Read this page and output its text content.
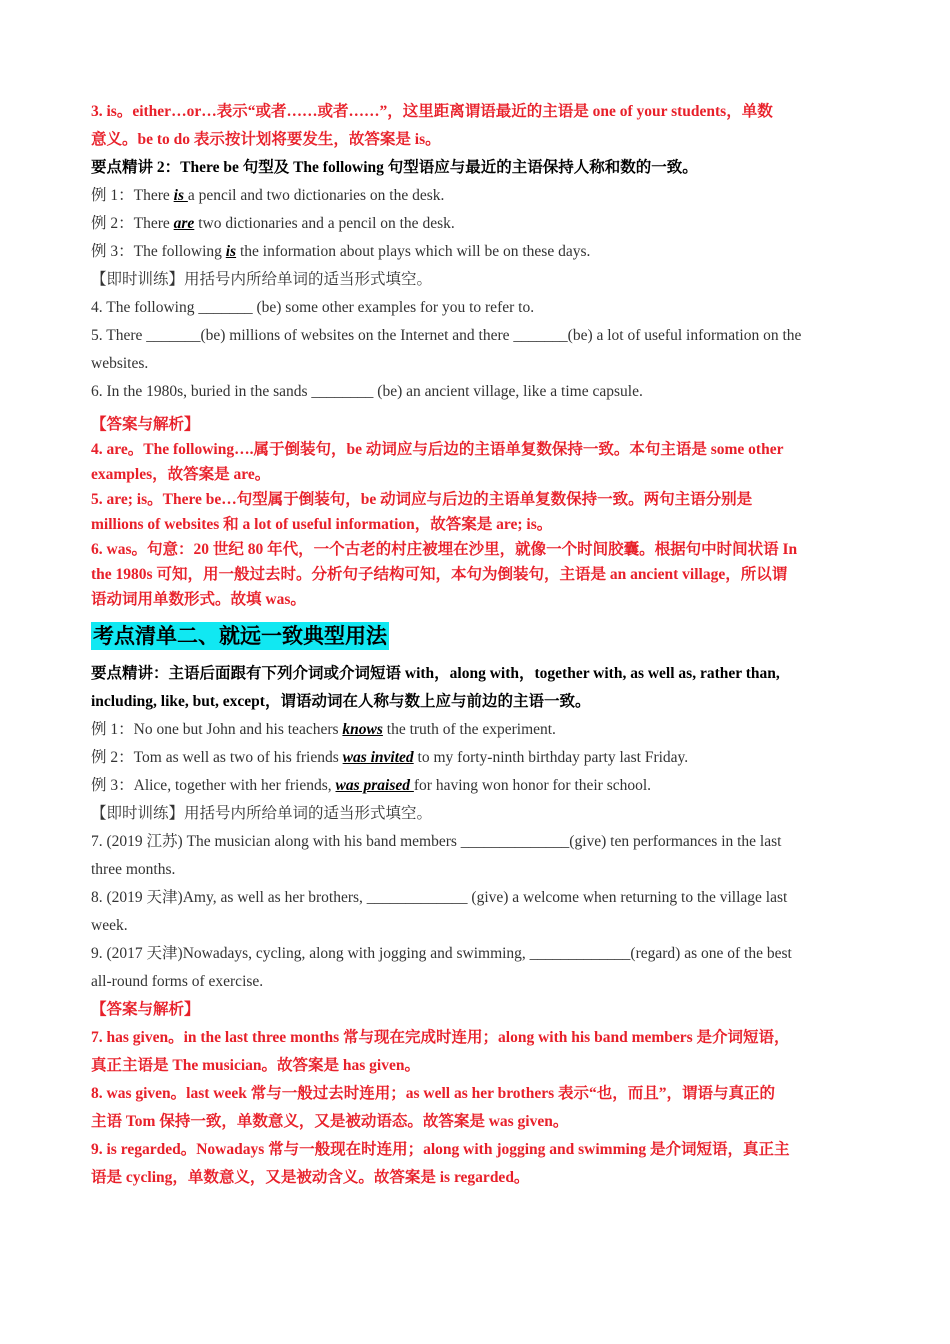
3. is。either…or…表示“或者……或者……”，这里距离谓语最近的主语是 one of your students，单数
意义。be to do 表示按计划将要发生，故答案是 is。
要点精讲 2：There be 句型及 The following 句型语应与最近的主语保持人称和数的一致。
例 1：There is a pencil and two dictionaries on the desk.
例 2：There are two dictionaries and a pencil on the desk.
例 3：The following is the information about plays which will be on these days.
【即时训练】用括号内所给单词的适当形式填空。
4. The following _______ (be) some other examples for you to refer to.
5. There _______(be) millions of websites on the Internet and there _______(be) a lot of useful information on the
websites.
6. In the 1980s, buried in the sands ________ (be) an ancient village, like a time capsule.
【答案与解析】
4. are。The following….属于倒装句，be 动词应与后边的主语单复数保持一致。本句主语是 some other
examples，故答案是 are。
5. are; is。There be…句型属于倒装句，be 动词应与后边的主语单复数保持一致。两句主语分别是
millions of websites 和 a lot of useful information，故答案是 are; is。
6. was。句意：20 世纪 80 年代，一个古老的村庄被埋在沙里，就像一个时间胶囊。根据句中时间状语 In
the 1980s 可知，用一般过去时。分析句子结构可知，本句为倒装句，主语是 an ancient village，所以谓
语动词用单数形式。故填 was。
考点清单二、就远一致典型用法
要点精讲：主语后面跟有下列介词或介词短语 with，along with，together with, as well as, rather than,
including, like, but, except，谓语动词在人称与数上应与前边的主语一致。
例 1：No one but John and his teachers knows the truth of the experiment.
例 2：Tom as well as two of his friends was invited to my forty-ninth birthday party last Friday.
例 3：Alice, together with her friends, was praised for having won honor for their school.
【即时训练】用括号内所给单词的适当形式填空。
7. (2019 江苏) The musician along with his band members ______________(give) ten performances in the last
three months.
8. (2019 天津)Amy, as well as her brothers, _____________ (give) a welcome when returning to the village last
week.
9. (2017 天津)Nowadays, cycling, along with jogging and swimming, _____________(regard) as one of the best
all-round forms of exercise.
【答案与解析】
7. has given。in the last three months 常与现在完成时连用；along with his band members 是介词短语，
真正主语是 The musician。故答案是 has given。
8. was given。last week 常与一般过去时连用；as well as her brothers 表示“也，而且”，谓语与真正的
主语 Tom 保持一致，单数意义，又是被动语态。故答案是 was given。
9. is regarded。Nowadays 常与一般现在时连用；along with jogging and swimming 是介词短语，真正主
语是 cycling，单数意义，又是被动含义。故答案是 is regarded。
